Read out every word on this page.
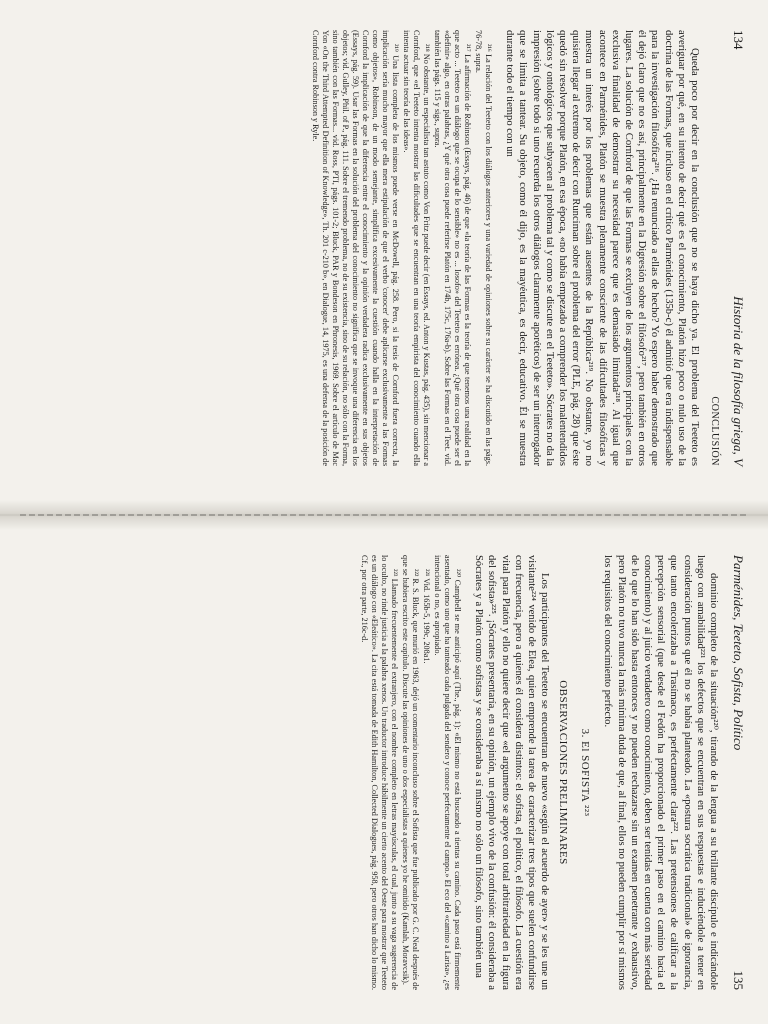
134
Historia de la filosofía griega, V
CONCLUSIÓN

Queda poco por decir en la conclusión que no se haya dicho ya. El problema del Teeteto es averiguar por qué, en su intento de decir qué es el conocimiento, Platón hizo poco o nulo uso de la doctrina de las Formas, que incluso en el crítico Parménides (135b-c) él admitió que era indispensable para la investigación filosófica²¹⁶. ¿Ha renunciado a ellas de hecho? Yo espero haber demostrado que él dejó claro que no es así, principalmente en la Digresión sobre el filósofo²¹⁷, pero también en otros lugares. La solución de Cornford de que las Formas se excluyen de los argumentos principales con la exclusiva finalidad de demostrar su necesidad parece que es demasiado limitada²¹⁸. Al igual que acontece en Parménides, Platón se muestra plenamente consciente de las dificultades filosóficas y muestra un interés por los problemas que están ausentes de la República²¹⁹. No obstante, yo no quisiera llegar al extremo de decir con Runciman sobre el problema del error (PLE, pág. 28) que éste quedó sin resolver porque Platón, en esa época, «no había empezado a comprender los malentendidos lógicos y ontológicos que subyacen al problema tal y como se discute en el Teeteto». Sócrates no da la impresión (sobre todo si uno recuerda los otros diálogos claramente aporéticos) de ser un interrogador que se limita a tantear. Su objeto, como él dijo, es la mayéutica, es decir, educativo. Él se muestra durante todo el tiempo con un

²¹⁶ La relación del Teeteto con los diálogos anteriores y una variedad de opiniones sobre su carácter se ha discutido en las págs. 76-78, supra.

²¹⁷ La afirmación de Robinson (Essays, pág. 46) de que «la teoría de las Formas es la teoría de que tenemos una realidad en la que acto ... Teeteto es un diálogo que se ocupa de lo sensible» no es ... losofo» del Teeteto es errónea. ¿Qué otra cosa puede ser el «definir» algo, en otras palabras, ¿Y qué otra cosa puede referirse Platón en 174b, 175c, 176a-b). Sobre las Formas en el Teet. vid. también las págs. 115 y sigs., supra.

²¹⁸ No obstante, un especialista tan astuto como Von Fritz puede decir (en Essays, ed. Anton y Kustas, pág. 435), sin mencionar a Cornford, que «el Teeteto intenta mostrar las dificultades que se encuentran en una teoría empirista del conocimiento cuando ella intenta actuar sin teoría de las ideas».

²¹⁹ Una lista completa de los mismos puede verse en McDowell, pág. 258. Pero, si la tesis de Cornford fuera correcta, la implicación sería mucho mayor que ella mera estipulación de que el verbo 'conocer' debe aplicarse exclusivamente a las Formas como objetos», Robinson, de un modo semejante, simplifica excesivamente la cuestión cuando halla en la interpretación de Cornford la implicación de que la diferencia entre el conocimiento y la opinión verdadera radica exclusivamente en sus objetos (Essays, pág. 59). Usar las Formas en la solución del problema del conocimiento no significa que se invoque una diferencia en los objetos; vid. Gulley, Phil. of P., pág. 111. Sobre el tremendo problema, no de su existencia, sino de su relación, no sólo con la Forma, sino también con las Formas... vid. Ross, PTI, págs. 101-2; Bluck, PAR y Bondeson en Phronesis, 1969. Sobre el artículo de Mac Yon «On the Third Attempted Definition of Knowledge», Th. 201 c-210 b», en Dialogue, 14, 1975, es una defensa de la posición de Cornford contra Robinson y Ryle.

Parménides, Teeteto, Sofista, Político
135

dominio completo de la situación²²⁰, tirando de la lengua a su brillante discípulo e indicándole luego con amabilidad²²¹ los defectos que se encuentran en sus respuestas e induciéndole a tener en consideración puntos que él no se había planteado. La «postura socrática tradicional» de ignorancia, que tanto encolerizaba a Trasímaco, es perfectamente clara²²². Las pretensiones de calificar a la percepción sensorial (que desde el Fedón ha proporcionado el primer paso en el camino hacia el conocimiento) y al juicio verdadero como conocimiento, deben ser tenidas en cuenta con más seriedad de lo que lo han sido hasta entonces y no pueden rechazarse sin un examen penetrante y exhaustivo, pero Platón no tuvo nunca la más mínima duda de que, al final, ellos no pueden cumplir por sí mismos los requisitos del conocimiento perfecto.

3. El SOFISTA ²²³
OBSERVACIONES PRELIMINARES

Los participantes del Teeteto se encuentran de nuevo «según el acuerdo de ayer» y se les une un visitante²²⁴ venido de Elea, quien emprende la tarea de caracterizar tres tipos que suelen confundirse con frecuencia, pero a quienes él considera distintos: el sofista, el político, el filósofo. La cuestión era vital para Platón y ello no quiere decir que «el argumento se apoye con total arbitrariedad en la figura del sofista»²²⁵. ¡Sócrates presentaría, en su opinión, un ejemplo vivo de la confusión: él consideraba a Sócrates y a Platón como sofistas y se consideraba a sí mismo no sólo un filósofo, sino también una

²²⁰ Campbell se me anticipó aquí (The., pág. 1): «El mismo no está buscando a tientas su camino. Cada paso está firmemente asentado, como uno que ha tanteado cada pulgada del sendero y conoce perfectamente el campo.» El eco del «camino a Larisa», ¿es intencional o no, es apropiado.

²²¹ Vid. 165b-5, 199c, 208a1.

²²² R. S. Bluck, que murió en 1963, dejó un comentario inconcluso sobre el Sofista que fue publicado por G. C. Neal después de que se hubiera escrito este capítulo. Discute las opiniones de uno o dos especialistas a quienes yo he omitido (Kamlah, Moravcsik).

²²³ Llamado frecuentemente el extranjero, con el nombre completo en letras mayúsculas, el cual, junto a su vaga sugerencia de lo oculto, no rinde justicia a la palabra xenos. Un traductor introduce hábilmente un cierto acento del Oeste para mostrar que Teeteto es un diálogo con «Eleático». La cita está tomada de Edith Hamilton, Collected Dialogues, pág. 958, pero otros han dicho lo mismo. Cf., por otra parte, 216c-d.
